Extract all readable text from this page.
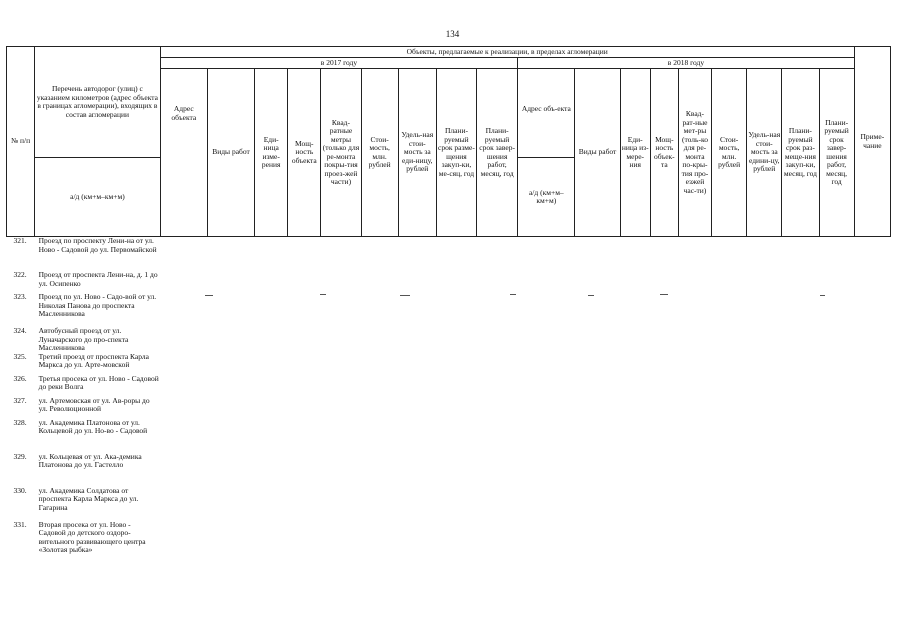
134
№ п/п	Перечень автодорог (улиц) с указанием километров (адрес объекта в границах агломерации), входящих в состав агломерации	Объекты, предлагаемые к реализации, в пределах агломерации																		Приме-чание
		в 2017 году									в 2018 году									
		Адрес объекта	Виды работ	Еди-ница изме-рения	Мощ-ность объекта	Квад-ратные метры (только для ре-монта покры-тия проез-жей части)	Стои-мость, млн. рублей	Удель-ная стои-мость за еди-ницу, рублей	Плани-руемый срок разме-щения закуп-ки, ме-сяц, год	Плани-руемый срок завер-шения работ, месяц, год	Адрес объ-екта	Виды работ	Еди-ница из-мере-ния	Мощ-ность объек-та	Квад-рат-ные мет-ры (толь-ко для ре-монта по-кры-тия про-езжей час-ти)	Стои-мость, млн. рублей	Удель-ная стои-мость за едини-цу, рублей	Плани-руемый срок раз-меще-ния закуп-ки, месяц, год	Плани-руемый срок завер-шения работ, месяц, год	
	а/д (км+м–км+м)										а/д (км+м–км+м)									
321.	Проезд по проспекту Лени-на от ул. Ново - Садовой до ул. Первомайской																			
322.	Проезд от проспекта Лени-на, д. 1 до ул. Осипенко																			
323.	Проезд по ул. Ново - Садо-вой от ул. Николая Панова до проспекта Масленникова																			
324.	Автобусный проезд от ул. Луначарского до про-спекта Масленникова																			
325.	Третий проезд от проспекта Карла Маркса до ул. Арте-мовской																			
326.	Третья просека от ул. Ново - Садовой до реки Волга																			
327.	ул. Артемовская от ул. Ав-роры до ул. Революционной																			
328.	ул. Академика Платонова от ул. Кольцевой до ул. Но-во - Садовой																			
329.	ул. Кольцевая от ул. Ака-демика Платонова до ул. Гастелло																			
330.	ул. Академика Солдатова от проспекта Карла Маркса до ул. Гагарина																			
331.	Вторая просека от ул. Ново - Садовой до детского оздоро-вительного развивающего центра «Золотая рыбка»																			
